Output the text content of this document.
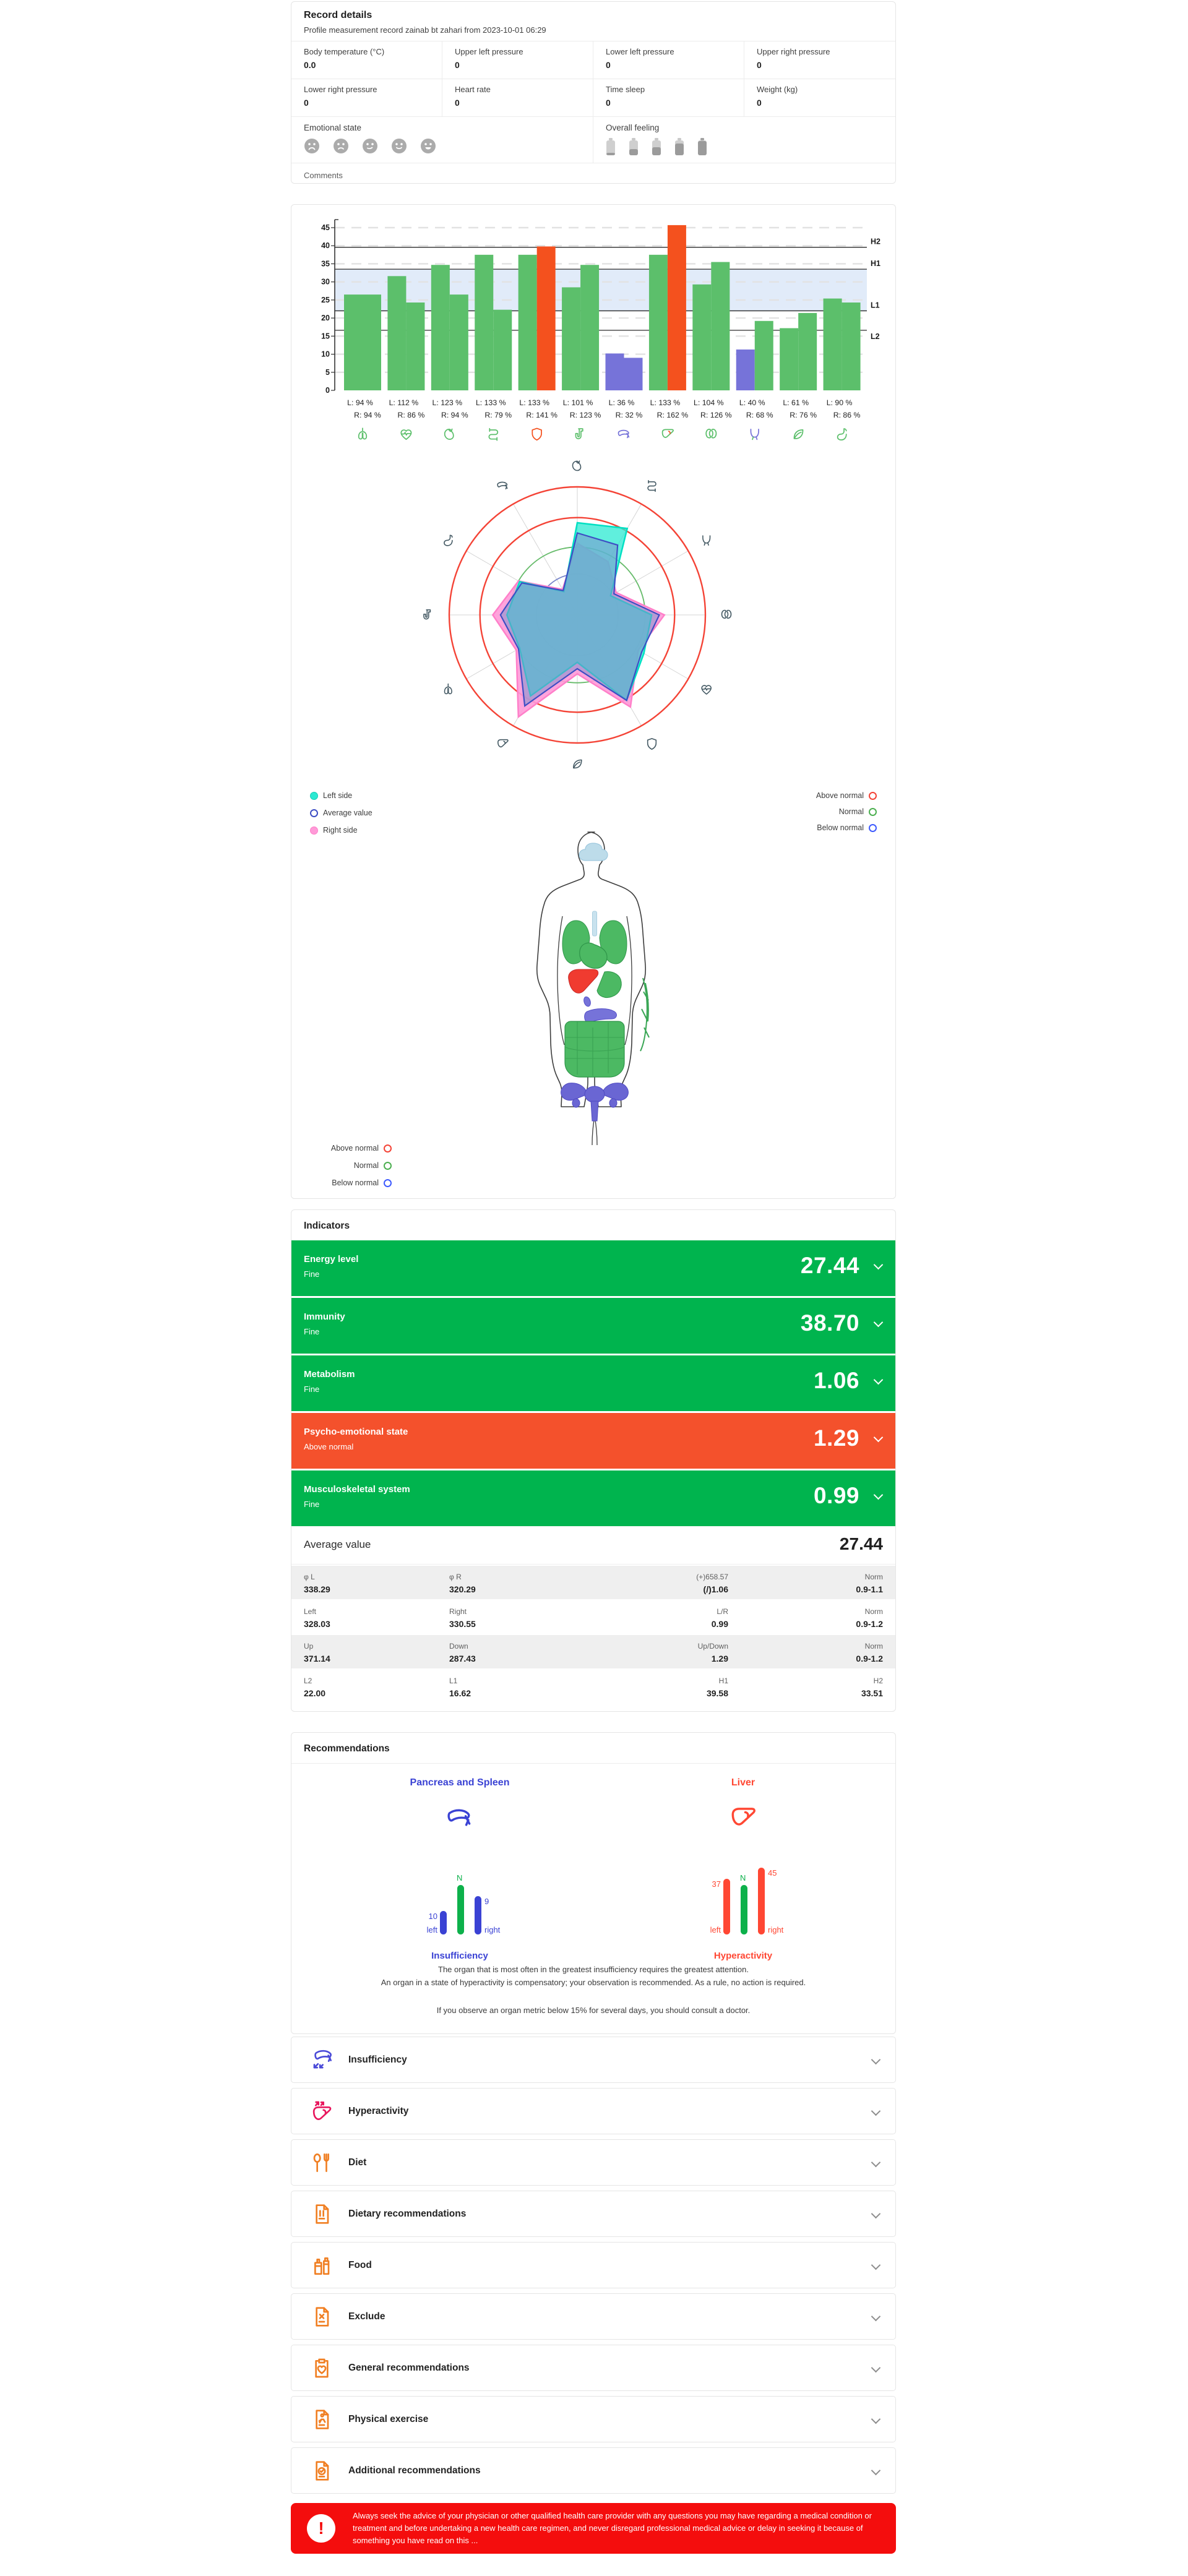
Record details
Profile measurement record zainab bt zahari from 2023-10-01 06:29
Body temperature (°C)
0.0
Upper left pressure
0
Lower left pressure
0
Upper right pressure
0
Lower right pressure
0
Heart rate
0
Time sleep
0
Weight (kg)
0
Emotional state	Overall feeling
Comments
0
5
10
15
20
25
30
35
40
45
H2
H1
L1
L2
L: 94 %
R: 94 %
L: 112 %
R: 86 %
L: 123 %
R: 94 %
L: 133 %
R: 79 %
L: 133 %
R: 141 %
L: 101 %
R: 123 %
L: 36 %
R: 32 %
L: 133 %
R: 162 %
L: 104 %
R: 126 %
L: 40 %
R: 68 %
L: 61 %
R: 76 %
L: 90 %
R: 86 %
Left side
Average value
Right side
Above normal
Normal
Below normal
Above normal
Normal
Below normal
Indicators
Energy level
Fine	27.44
Immunity
Fine	38.70
Metabolism
Fine	1.06
Psycho-emotional state
Above normal	1.29
Musculoskeletal system
Fine	0.99
Average value	27.44
φ L
338.29
φ R
320.29
(+)658.57
(/)1.06
Norm
0.9-1.1
Left
328.03
Right
330.55
L/R
0.99
Norm
0.9-1.2
Up
371.14
Down
287.43
Up/Down
1.29
Norm
0.9-1.2
L2
22.00
L1
16.62
H1
39.58
H2
33.51
Recommendations
Pancreas and Spleen
10
left
N
9
right
Insufficiency
Liver
37
left
N
45
right
Hyperactivity
The organ that is most often in the greatest insufficiency requires the greatest attention.
An organ in a state of hyperactivity is compensatory; your observation is recommended. As a rule, no action is required.
If you observe an organ metric below 15% for several days, you should consult a doctor.
Insufficiency
Hyperactivity
Diet
Dietary recommendations
Food
Exclude
General recommendations
Physical exercise
Additional recommendations
!
Always seek the advice of your physician or other qualified health care provider with any questions you may have regarding a medical condition or treatment and before undertaking a new health care regimen, and never disregard professional medical advice or delay in seeking it because of something you have read on this ...
